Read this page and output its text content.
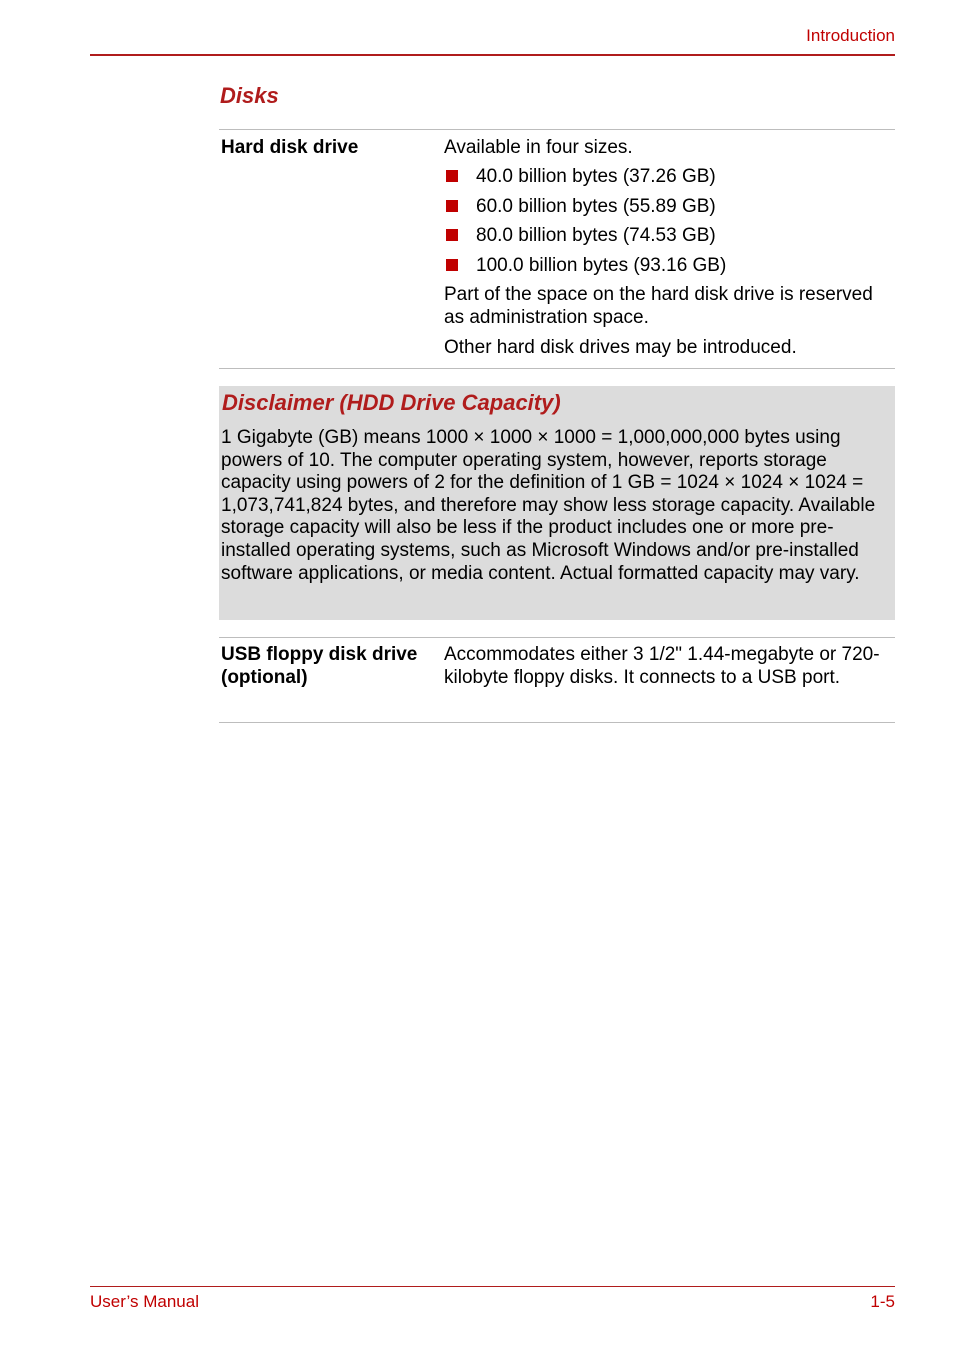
Introduction
Disks
Hard disk drive	Available in four sizes.

40.0 billion bytes (37.26 GB)
60.0 billion bytes (55.89 GB)
80.0 billion bytes (74.53 GB)
100.0 billion bytes (93.16 GB)

Part of the space on the hard disk drive is reserved as administration space.

Other hard disk drives may be introduced.

Disclaimer (HDD Drive Capacity)

1 Gigabyte (GB) means 1000 × 1000 × 1000 = 1,000,000,000 bytes using powers of 10. The computer operating system, however, reports storage capacity using powers of 2 for the definition of 1 GB = 1024 × 1024 × 1024 = 1,073,741,824 bytes, and therefore may show less storage capacity. Available storage capacity will also be less if the product includes one or more pre-installed operating systems, such as Microsoft Windows and/or pre-installed software applications, or media content. Actual formatted capacity may vary.

USB floppy disk drive (optional)
Accommodates either 3 1/2" 1.44-megabyte or 720-kilobyte floppy disks. It connects to a USB port.
User’s Manual	1-5
